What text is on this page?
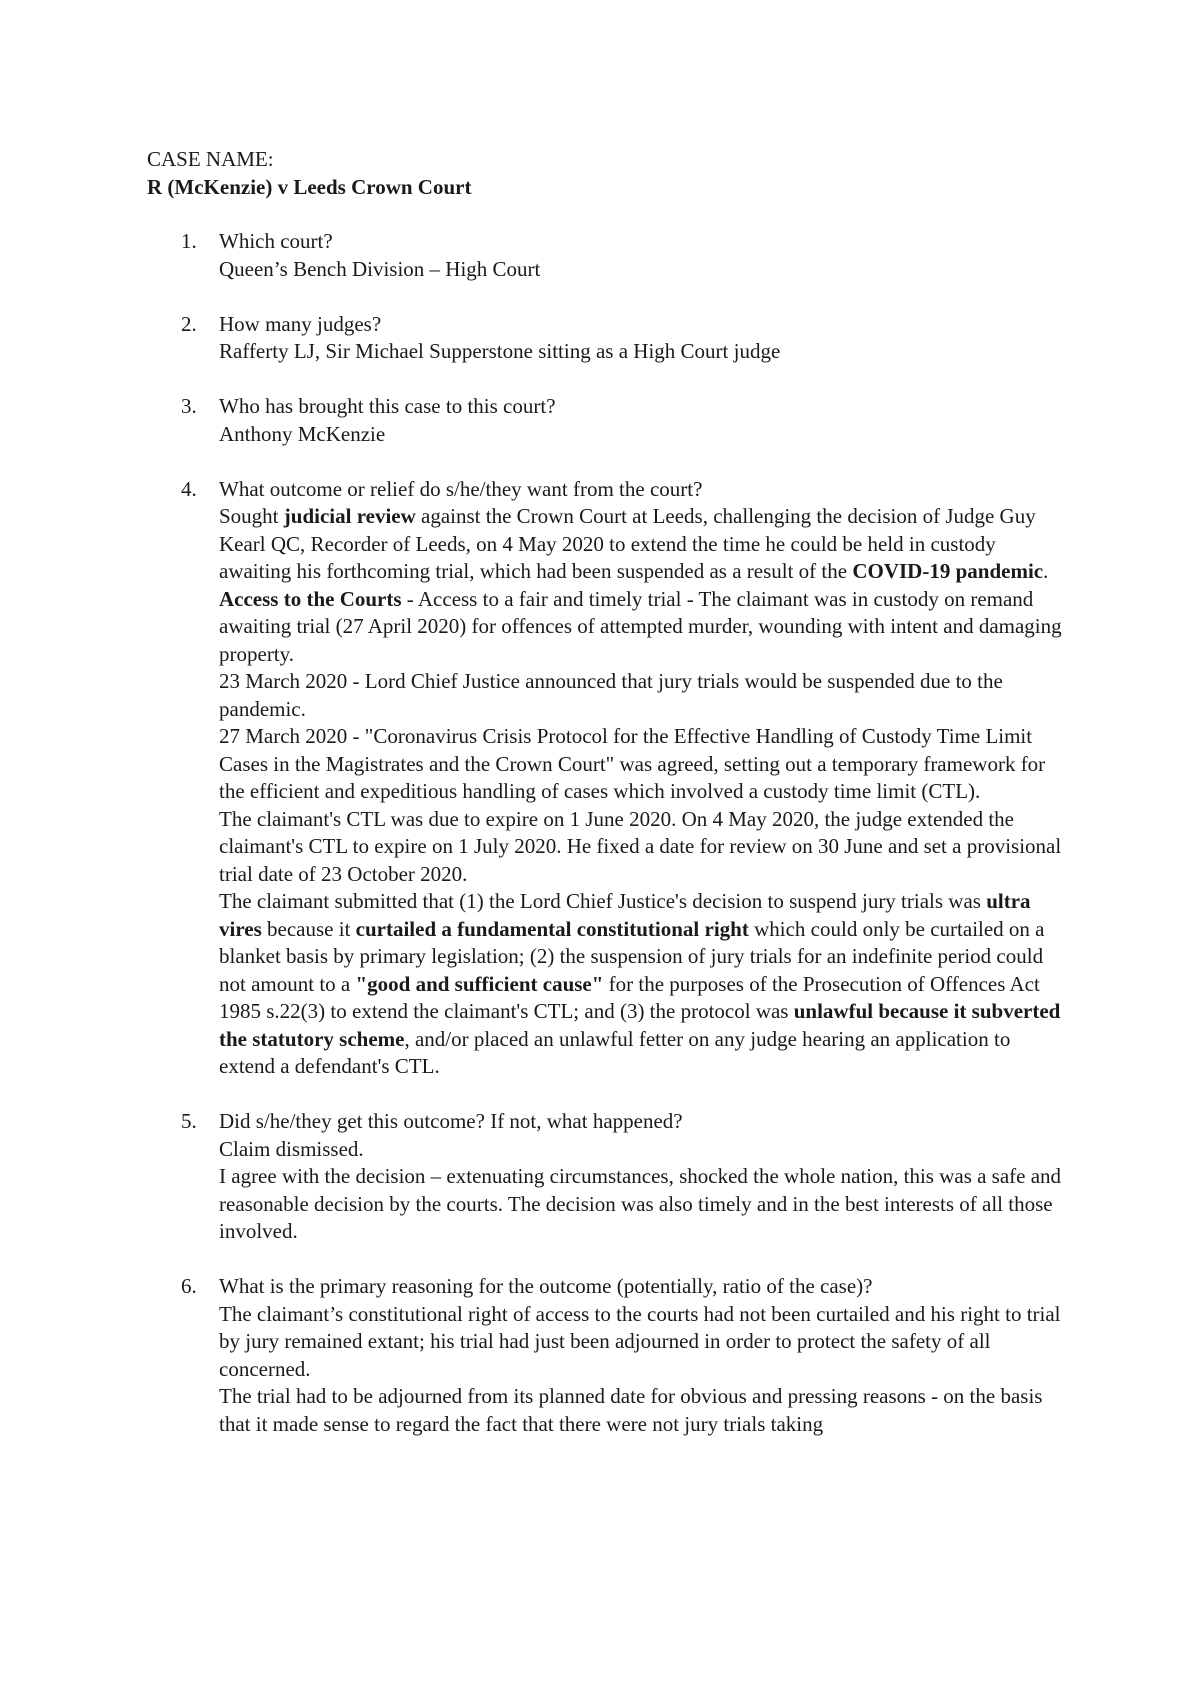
CASE NAME:

R (McKenzie) v Leeds Crown Court

1. Which court?
Queen’s Bench Division – High Court
2. How many judges?
Rafferty LJ, Sir Michael Supperstone sitting as a High Court judge
3. Who has brought this case to this court?
Anthony McKenzie
4. What outcome or relief do s/he/they want from the court?
Sought judicial review against the Crown Court at Leeds, challenging the decision of Judge Guy Kearl QC, Recorder of Leeds, on 4 May 2020 to extend the time he could be held in custody awaiting his forthcoming trial, which had been suspended as a result of the COVID-19 pandemic.
Access to the Courts - Access to a fair and timely trial - The claimant was in custody on remand awaiting trial (27 April 2020) for offences of attempted murder, wounding with intent and damaging property.
23 March 2020 - Lord Chief Justice announced that jury trials would be suspended due to the pandemic.
27 March 2020 - "Coronavirus Crisis Protocol for the Effective Handling of Custody Time Limit Cases in the Magistrates and the Crown Court" was agreed, setting out a temporary framework for the efficient and expeditious handling of cases which involved a custody time limit (CTL).
The claimant's CTL was due to expire on 1 June 2020. On 4 May 2020, the judge extended the claimant's CTL to expire on 1 July 2020. He fixed a date for review on 30 June and set a provisional trial date of 23 October 2020.
The claimant submitted that (1) the Lord Chief Justice's decision to suspend jury trials was ultra vires because it curtailed a fundamental constitutional right which could only be curtailed on a blanket basis by primary legislation; (2) the suspension of jury trials for an indefinite period could not amount to a "good and sufficient cause" for the purposes of the Prosecution of Offences Act 1985 s.22(3) to extend the claimant's CTL; and (3) the protocol was unlawful because it subverted the statutory scheme, and/or placed an unlawful fetter on any judge hearing an application to extend a defendant's CTL.
5. Did s/he/they get this outcome? If not, what happened?
Claim dismissed.
I agree with the decision – extenuating circumstances, shocked the whole nation, this was a safe and reasonable decision by the courts. The decision was also timely and in the best interests of all those involved.
6. What is the primary reasoning for the outcome (potentially, ratio of the case)?
The claimant’s constitutional right of access to the courts had not been curtailed and his right to trial by jury remained extant; his trial had just been adjourned in order to protect the safety of all concerned.
The trial had to be adjourned from its planned date for obvious and pressing reasons - on the basis that it made sense to regard the fact that there were not jury trials taking
